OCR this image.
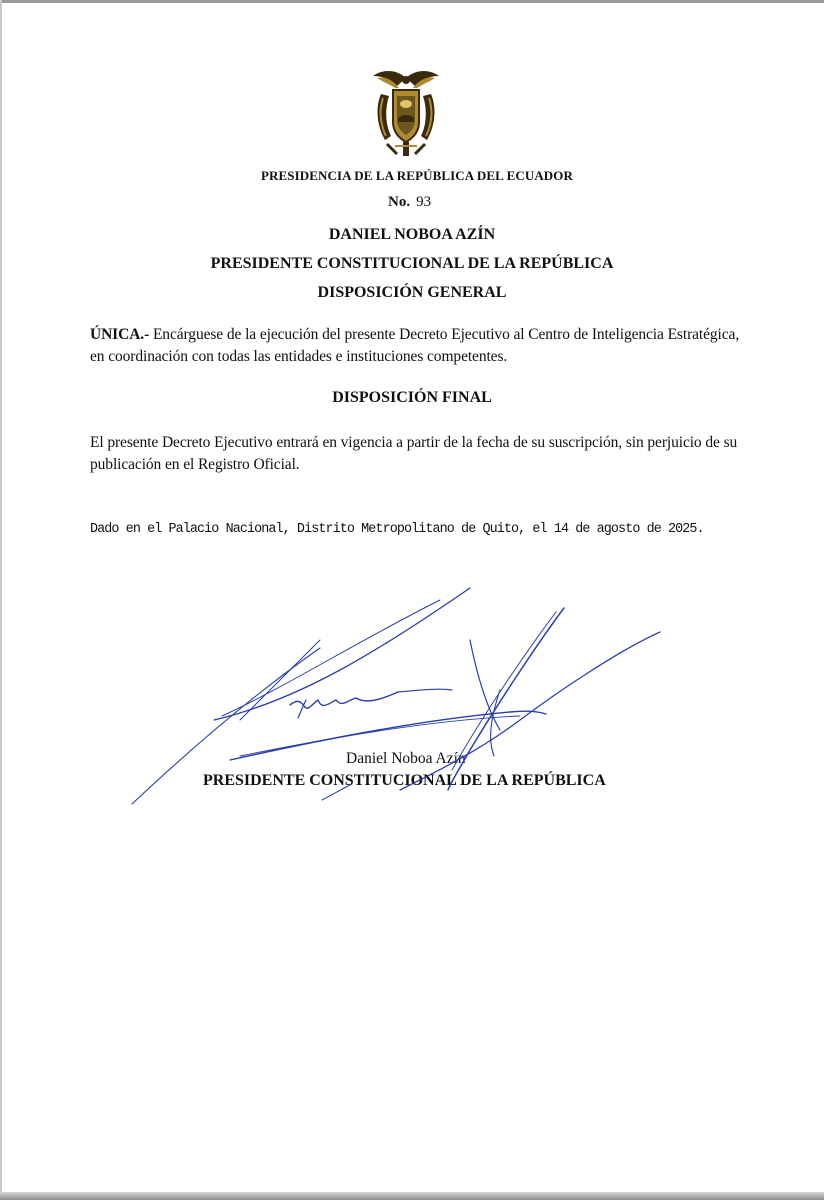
PRESIDENCIA DE LA REPÚBLICA DEL ECUADOR
No. 93
DANIEL NOBOA AZÍN
PRESIDENTE CONSTITUCIONAL DE LA REPÚBLICA
DISPOSICIÓN GENERAL
ÚNICA.- Encárguese de la ejecución del presente Decreto Ejecutivo al Centro de Inteligencia Estratégica, en coordinación con todas las entidades e instituciones competentes.
DISPOSICIÓN FINAL
El presente Decreto Ejecutivo entrará en vigencia a partir de la fecha de su suscripción, sin perjuicio de su publicación en el Registro Oficial.
Dado en el Palacio Nacional, Distrito Metropolitano de Quito, el 14 de agosto de 2025.
Daniel Noboa Azín
PRESIDENTE CONSTITUCIONAL DE LA REPÚBLICA
